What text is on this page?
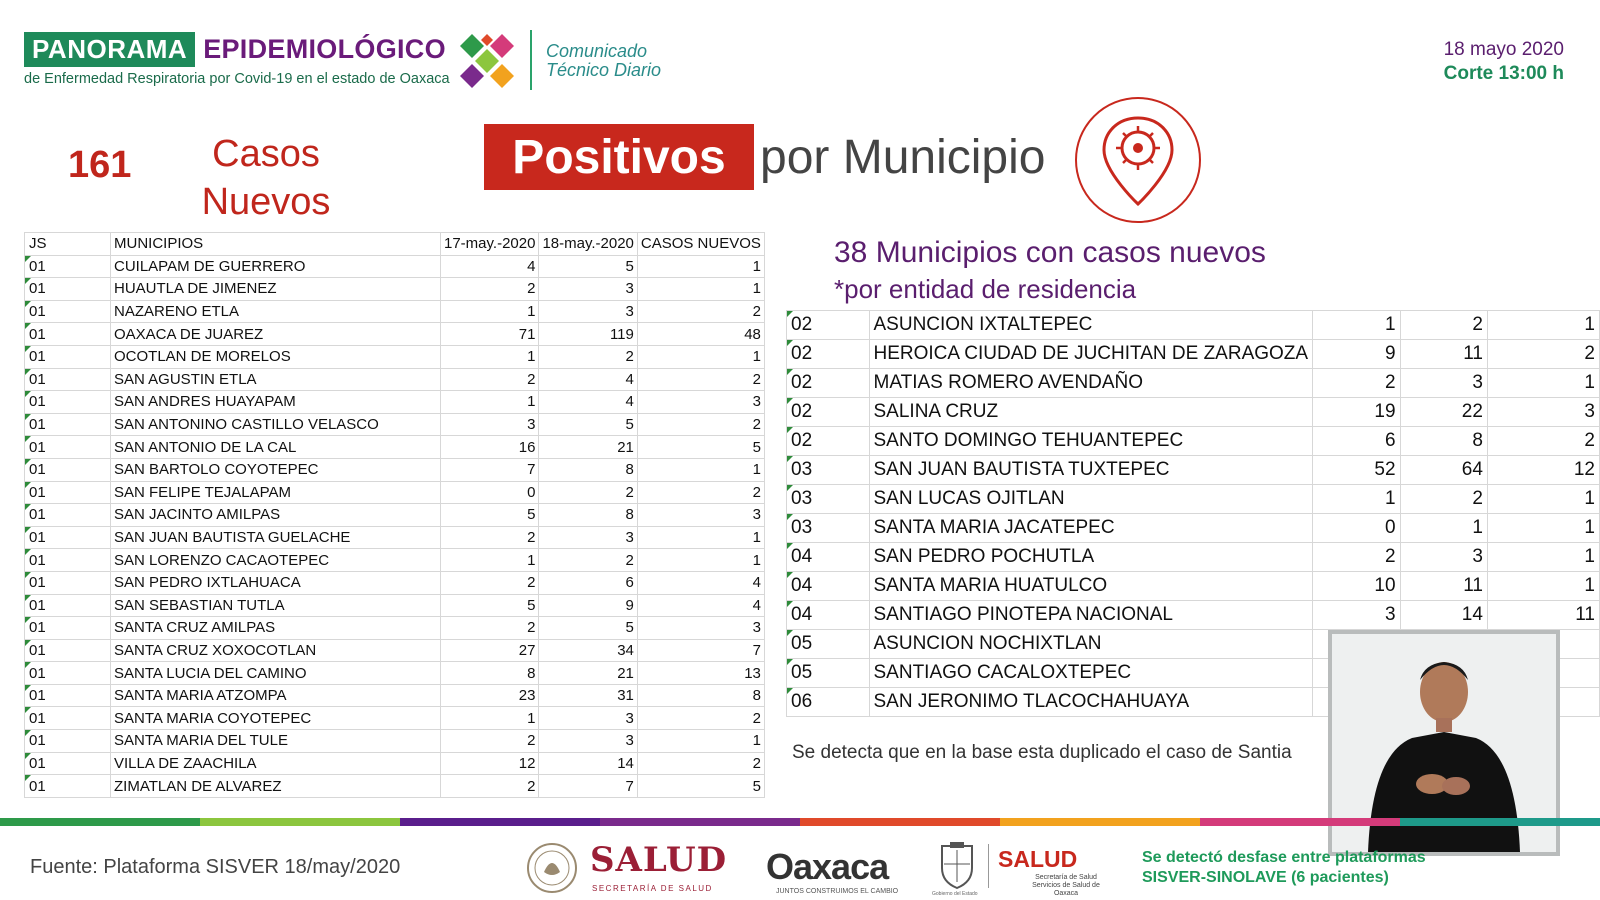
PANORAMA EPIDEMIOLÓGICO
de Enfermedad Respiratoria por Covid-19 en el estado de Oaxaca
Comunicado
Técnico Diario
18 mayo 2020
Corte 13:00 h
161	Casos
Nuevos
Positivos por Municipio
JS	MUNICIPIOS	17-may.-2020	18-may.-2020	CASOS NUEVOS
01	CUILAPAM DE GUERRERO	4	5	1
01	HUAUTLA DE JIMENEZ	2	3	1
01	NAZARENO ETLA	1	3	2
01	OAXACA DE JUAREZ	71	119	48
01	OCOTLAN DE MORELOS	1	2	1
01	SAN AGUSTIN ETLA	2	4	2
01	SAN ANDRES HUAYAPAM	1	4	3
01	SAN ANTONINO CASTILLO VELASCO	3	5	2
01	SAN ANTONIO DE LA CAL	16	21	5
01	SAN BARTOLO COYOTEPEC	7	8	1
01	SAN FELIPE TEJALAPAM	0	2	2
01	SAN JACINTO AMILPAS	5	8	3
01	SAN JUAN BAUTISTA GUELACHE	2	3	1
01	SAN LORENZO CACAOTEPEC	1	2	1
01	SAN PEDRO IXTLAHUACA	2	6	4
01	SAN SEBASTIAN TUTLA	5	9	4
01	SANTA CRUZ AMILPAS	2	5	3
01	SANTA CRUZ XOXOCOTLAN	27	34	7
01	SANTA LUCIA DEL CAMINO	8	21	13
01	SANTA MARIA ATZOMPA	23	31	8
01	SANTA MARIA COYOTEPEC	1	3	2
01	SANTA MARIA DEL TULE	2	3	1
01	VILLA DE ZAACHILA	12	14	2
01	ZIMATLAN DE ALVAREZ	2	7	5
38 Municipios con casos nuevos
*por entidad de residencia
02	ASUNCION IXTALTEPEC	1	2	1
02	HEROICA CIUDAD DE JUCHITAN DE ZARAGOZA	9	11	2
02	MATIAS ROMERO AVENDAÑO	2	3	1
02	SALINA CRUZ	19	22	3
02	SANTO DOMINGO TEHUANTEPEC	6	8	2
03	SAN JUAN BAUTISTA TUXTEPEC	52	64	12
03	SAN LUCAS OJITLAN	1	2	1
03	SANTA MARIA JACATEPEC	0	1	1
04	SAN PEDRO POCHUTLA	2	3	1
04	SANTA MARIA HUATULCO	10	11	1
04	SANTIAGO PINOTEPA NACIONAL	3	14	11
05	ASUNCION NOCHIXTLAN			
05	SANTIAGO CACALOXTEPEC			
06	SAN JERONIMO TLACOCHAHUAYA			
Se detecta que en la base esta duplicado el caso de Santia
Fuente: Plataforma SISVER 18/may/2020	SALUD
SECRETARÍA DE SALUD
Oaxaca
JUNTOS CONSTRUIMOS EL CAMBIO	Gobierno del Estado
SALUD
Secretaría de Salud Servicios de Salud de Oaxaca
Se detectó desfase entre plataformas
SISVER-SINOLAVE (6 pacientes)
